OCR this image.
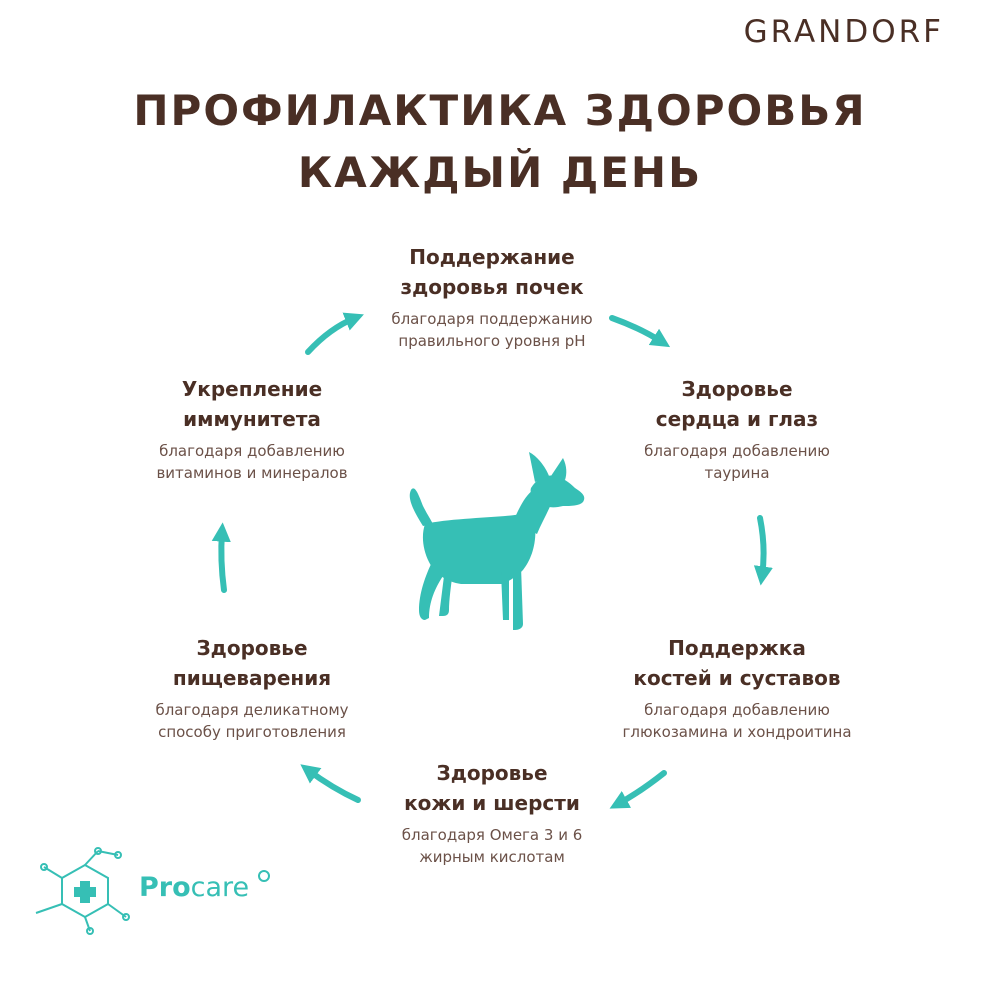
GRANDORF
ПРОФИЛАКТИКА ЗДОРОВЬЯ
КАЖДЫЙ ДЕНЬ
Поддержание
здоровья почек
благодаря поддержанию
правильного уровня pH
Здоровье
сердца и глаз
благодаря добавлению
таурина
Поддержка
костей и суставов
благодаря добавлению
глюкозамина и хондроитина
Здоровье
кожи и шерсти
благодаря Омега 3 и 6
жирным кислотам
Здоровье
пищеварения
благодаря деликатному
способу приготовления
Укрепление
иммунитета
благодаря добавлению
витаминов и минералов
Procare
